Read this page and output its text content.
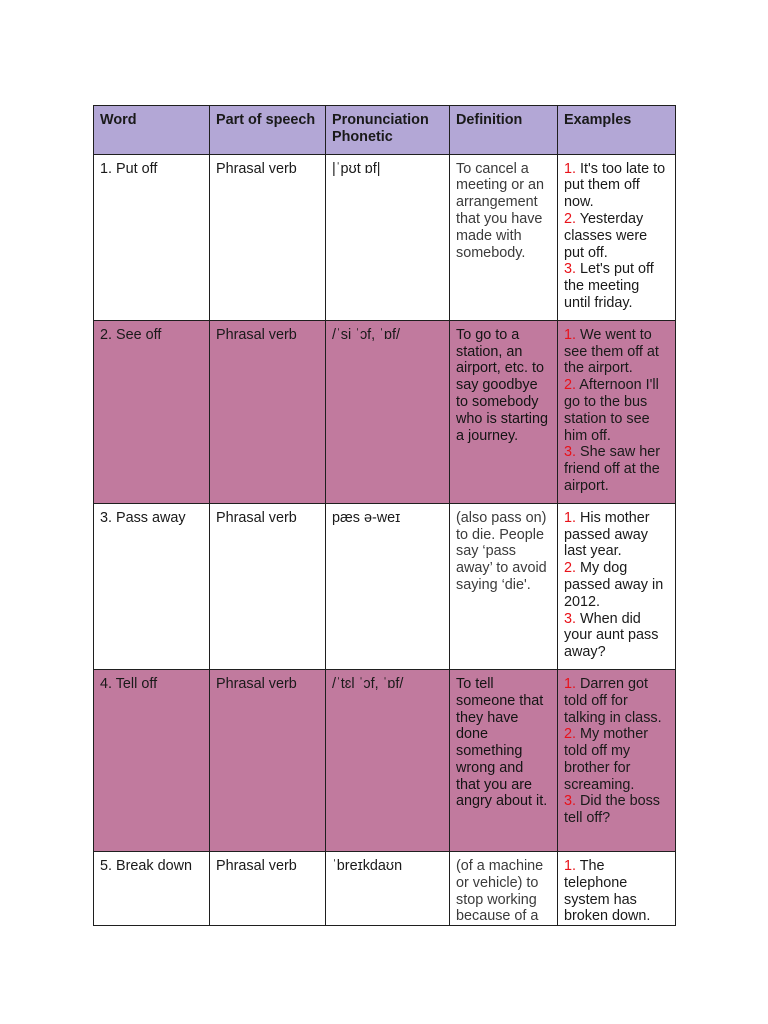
Word	Part of speech	Pronunciation Phonetic	Definition	Examples
1. Put off	Phrasal verb	|ˈpʊt ɒf|	To cancel a meeting or an arrangement that you have made with somebody.	1. It's too late to put them off now.
2. Yesterday classes were put off.
3. Let's put off the meeting until friday.

2. See off	Phrasal verb	/ˈsi ˈɔf, ˈɒf/	To go to a station, an airport, etc. to say goodbye to somebody who is starting a journey.	1. We went to see them off at the airport.
2. Afternoon I'll go to the bus station to see him off.
3. She saw her friend off at the airport.

3. Pass away	Phrasal verb	pæs ə-weɪ	(also pass on) to die. People say ‘pass away’ to avoid saying ‘die'.	1. His mother passed away last year.
2. My dog passed away in 2012.
3. When did your aunt pass away?

4. Tell off	Phrasal verb	/ˈtɛl ˈɔf, ˈɒf/	To tell someone that they have done something wrong and that you are angry about it.	1. Darren got told off for talking in class.
2. My mother told off my brother for screaming.
3. Did the boss tell off?

5. Break down	Phrasal verb	ˈbreɪkdaʊn	(of a machine or vehicle) to stop working because of a	1. The telephone system has broken down.
